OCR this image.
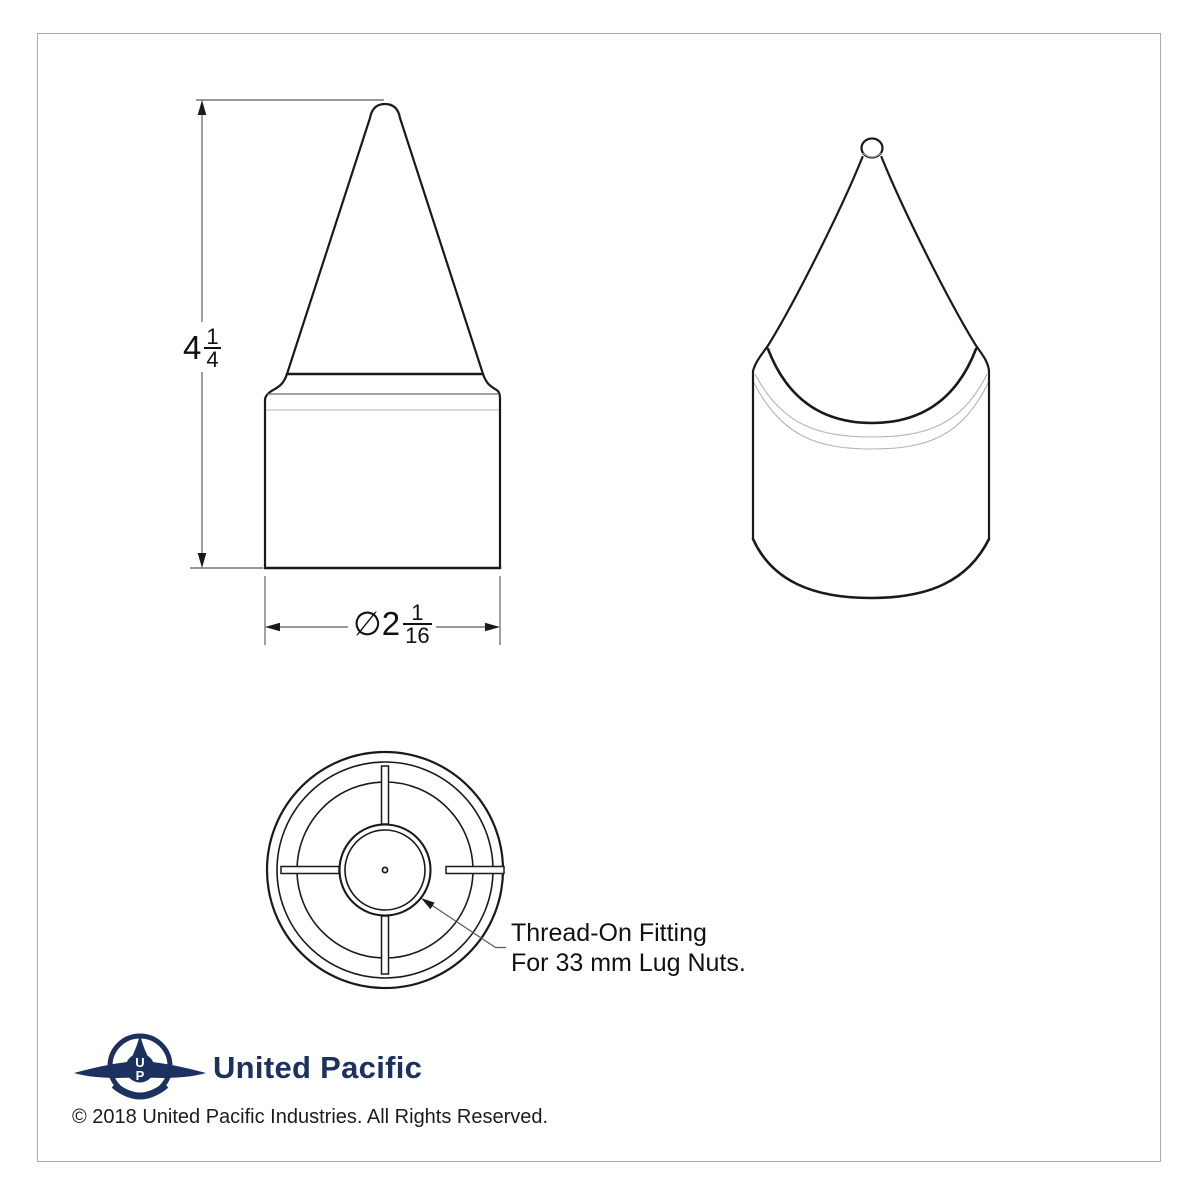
$4 \frac{1}{4}$
∅ $2 \frac{1}{16}$
Thread-On Fitting
For 33 mm Lug Nuts.
U
P United Pacific
© 2018 United Pacific Industries. All Rights Reserved.
